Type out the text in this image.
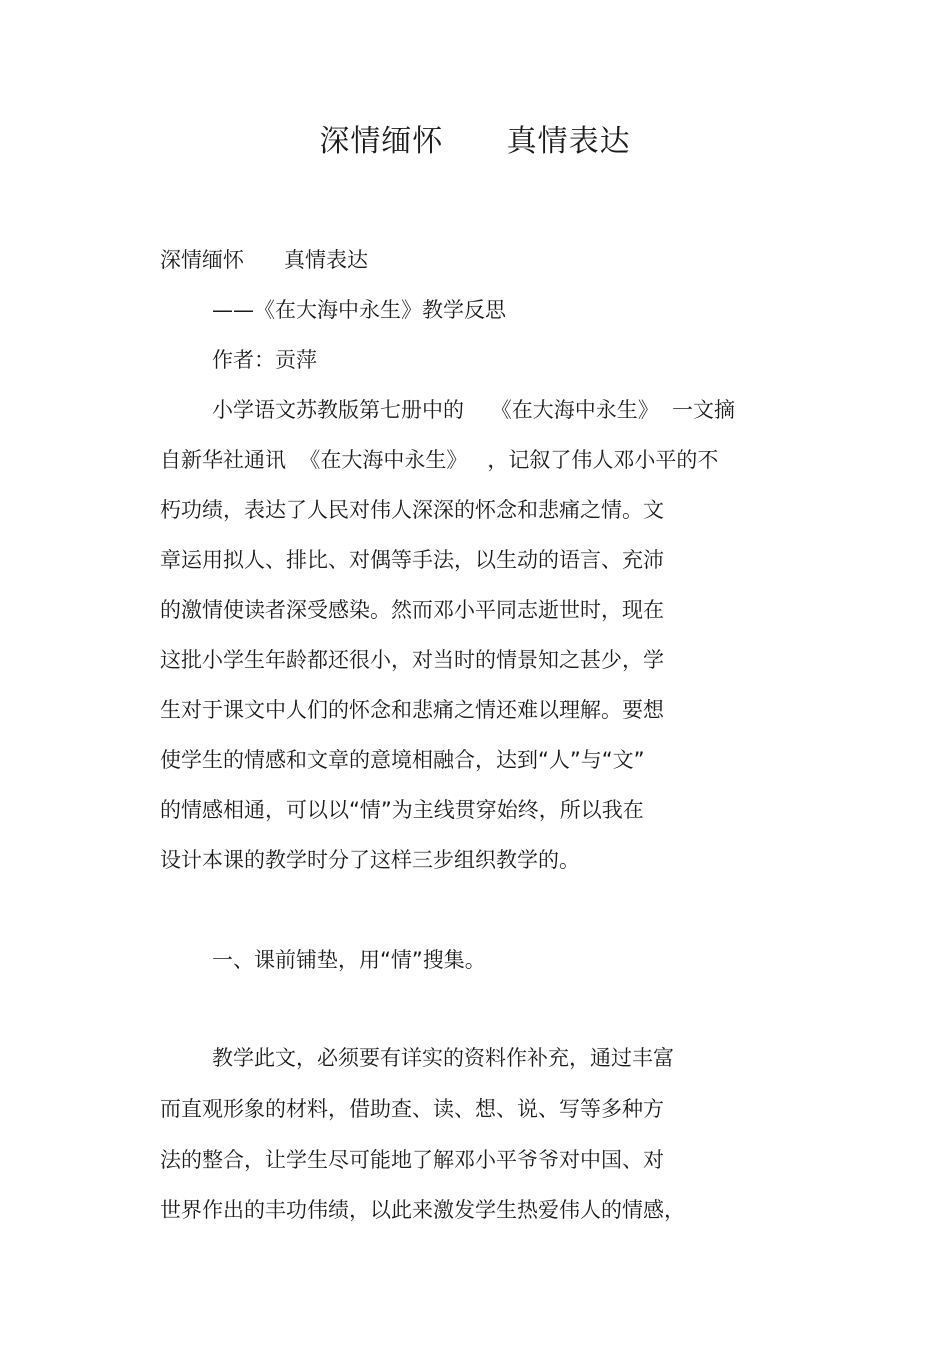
深情缅怀      真情表达
深情缅怀      真情表达
——《在大海中永生》教学反思
作者：贡萍
小学语文苏教版第七册中的    《在大海中永生》  一文摘
自新华社通讯  《在大海中永生》   ，记叙了伟人邓小平的不
朽功绩，表达了人民对伟人深深的怀念和悲痛之情。文
章运用拟人、排比、对偶等手法，以生动的语言、充沛
的激情使读者深受感染。然而邓小平同志逝世时，现在
这批小学生年龄都还很小，对当时的情景知之甚少，学
生对于课文中人们的怀念和悲痛之情还难以理解。要想
使学生的情感和文章的意境相融合，达到“人”与“文”
的情感相通，可以以“情”为主线贯穿始终，所以我在
设计本课的教学时分了这样三步组织教学的。
一、课前铺垫，用“情”搜集。
教学此文，必须要有详实的资料作补充，通过丰富
而直观形象的材料，借助查、读、想、说、写等多种方
法的整合，让学生尽可能地了解邓小平爷爷对中国、对
世界作出的丰功伟绩，以此来激发学生热爱伟人的情感，
